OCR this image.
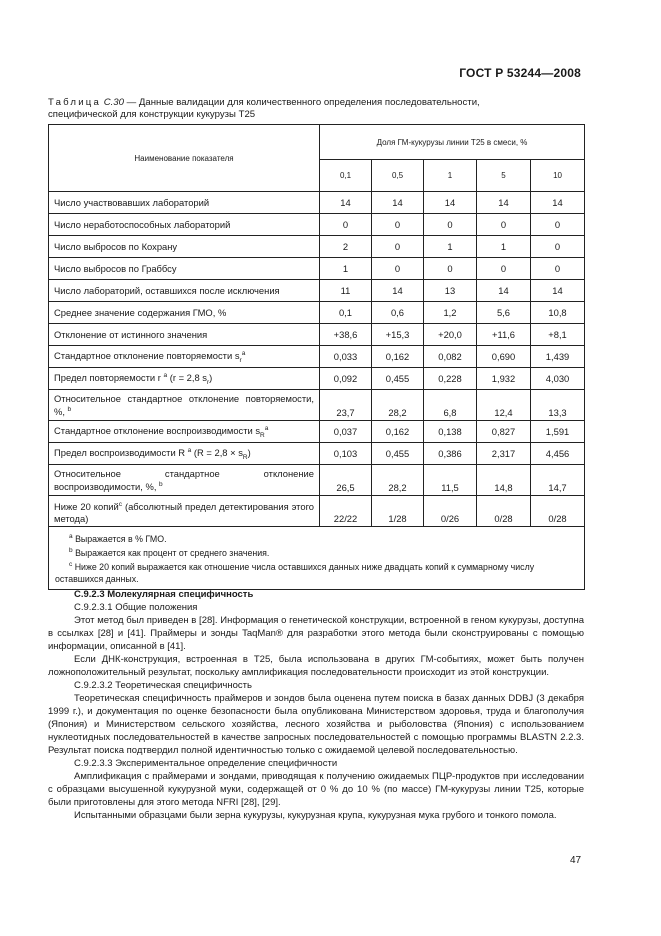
ГОСТ Р 53244—2008
Таблица С.30 — Данные валидации для количественного определения последовательности,
специфической для конструкции кукурузы Т25
Наименование показателя	Доля ГМ-кукурузы линии Т25 в смеси, %				
	0,1	0,5	1	5	10
Число участвовавших лабораторий	14	14	14	14	14
Число неработоспособных лабораторий	0	0	0	0	0
Число выбросов по Кохрану	2	0	1	1	0
Число выбросов по Граббсу	1	0	0	0	0
Число лабораторий, оставшихся после исключения	11	14	13	14	14
Среднее значение содержания ГМО, %	0,1	0,6	1,2	5,6	10,8
Отклонение от истинного значения	+38,6	+15,3	+20,0	+11,6	+8,1
Стандартное отклонение повторяемости $s_r^a$	0,033	0,162	0,082	0,690	1,439
Предел повторяемости r $^a$ (r = 2,8 $s_r$)	0,092	0,455	0,228	1,932	4,030
Относительное стандартное отклонение повторяемости, %, $^b$	23,7	28,2	6,8	12,4	13,3
Стандартное отклонение воспроизводимости $s_R^a$	0,037	0,162	0,138	0,827	1,591
Предел воспроизводимости R $^a$ $(R = 2,8 \times s_R)$	0,103	0,455	0,386	2,317	4,456
Относительное стандартное отклонение воспроизводимости, %, $^b$	26,5	28,2	11,5	14,8	14,7
Ниже 20 копий$^c$ (абсолютный предел детектирования этого метода)	22/22	1/28	0/26	0/28	0/28

$^a$ Выражается в % ГМО.
$^b$ Выражается как процент от среднего значения.
$^c$ Ниже 20 копий выражается как отношение числа оставшихся данных ниже двадцать копий к суммарному числу оставшихся данных.					

С.9.2.3 Молекулярная специфичность

С.9.2.3.1 Общие положения

Этот метод был приведен в [28]. Информация о генетической конструкции, встроенной в геном кукурузы, доступна в ссылках [28] и [41]. Праймеры и зонды TaqMan® для разработки этого метода были сконструированы с помощью информации, описанной в [41].

Если ДНК-конструкция, встроенная в Т25, была использована в других ГМ-событиях, может быть получен ложноположительный результат, поскольку амплификация последовательности происходит из этой конструкции.

С.9.2.3.2 Теоретическая специфичность

Теоретическая специфичность праймеров и зондов была оценена путем поиска в базах данных DDBJ (3 декабря 1999 г.), и документация по оценке безопасности была опубликована Министерством здоровья, труда и благополучия (Япония) и Министерством сельского хозяйства, лесного хозяйства и рыболовства (Япония) с использованием нуклеотидных последовательностей в качестве запросных последовательностей с помощью программы BLASTN 2.2.3. Результат поиска подтвердил полной идентичностью только с ожидаемой целевой последовательностью.

С.9.2.3.3 Экспериментальное определение специфичности

Амплификация с праймерами и зондами, приводящая к получению ожидаемых ПЦР-продуктов при исследовании с образцами высушенной кукурузной муки, содержащей от 0 % до 10 % (по массе) ГМ-кукурузы линии Т25, которые были приготовлены для этого метода NFRI [28], [29].

Испытанными образцами были зерна кукурузы, кукурузная крупа, кукурузная мука грубого и тонкого помола.

47
